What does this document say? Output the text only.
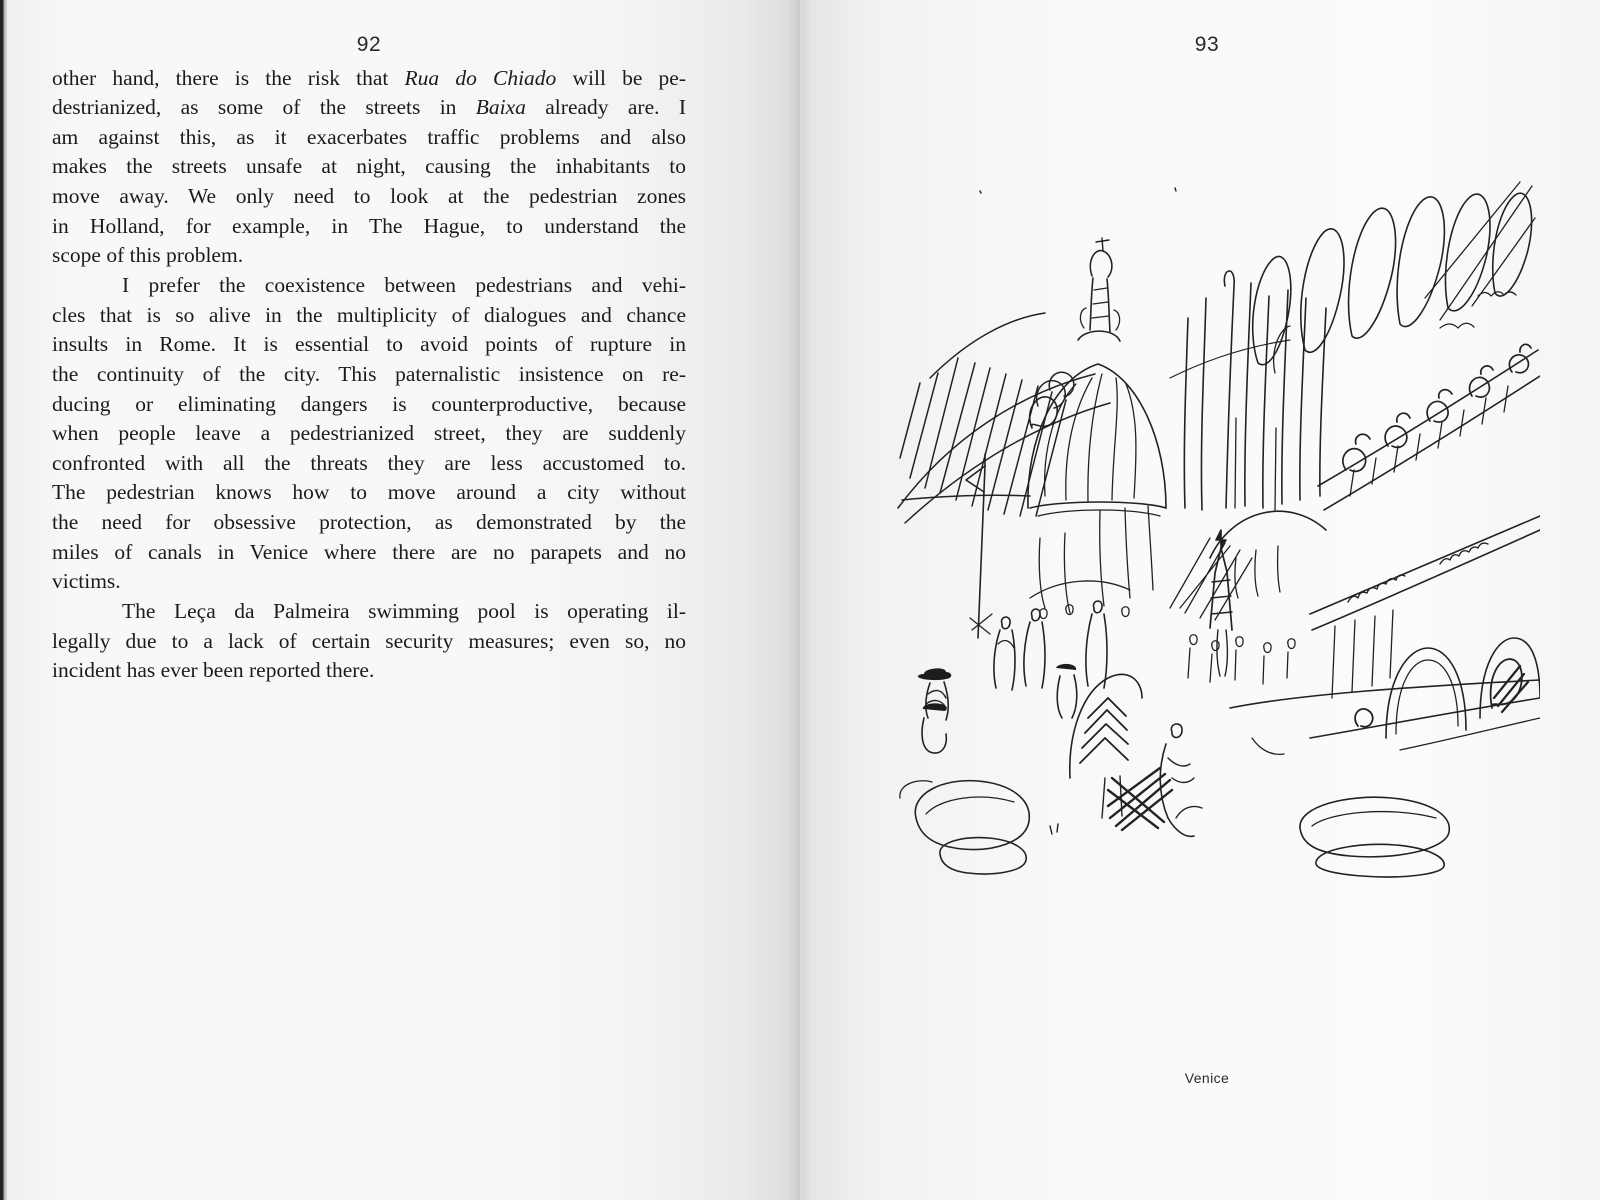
92
other hand, there is the risk that Rua do Chiado will be pe-
destrianized, as some of the streets in Baixa already are. I
am against this, as it exacerbates traffic problems and also
makes the streets unsafe at night, causing the inhabitants to
move away. We only need to look at the pedestrian zones
in Holland, for example, in The Hague, to understand the
scope of this problem.
I prefer the coexistence between pedestrians and vehi-
cles that is so alive in the multiplicity of dialogues and chance
insults in Rome. It is essential to avoid points of rupture in
the continuity of the city. This paternalistic insistence on re-
ducing or eliminating dangers is counterproductive, because
when people leave a pedestrianized street, they are suddenly
confronted with all the threats they are less accustomed to.
The pedestrian knows how to move around a city without
the need for obsessive protection, as demonstrated by the
miles of canals in Venice where there are no parapets and no
victims.
The Leça da Palmeira swimming pool is operating il-
legally due to a lack of certain security measures; even so, no
incident has ever been reported there.
93
Venice
